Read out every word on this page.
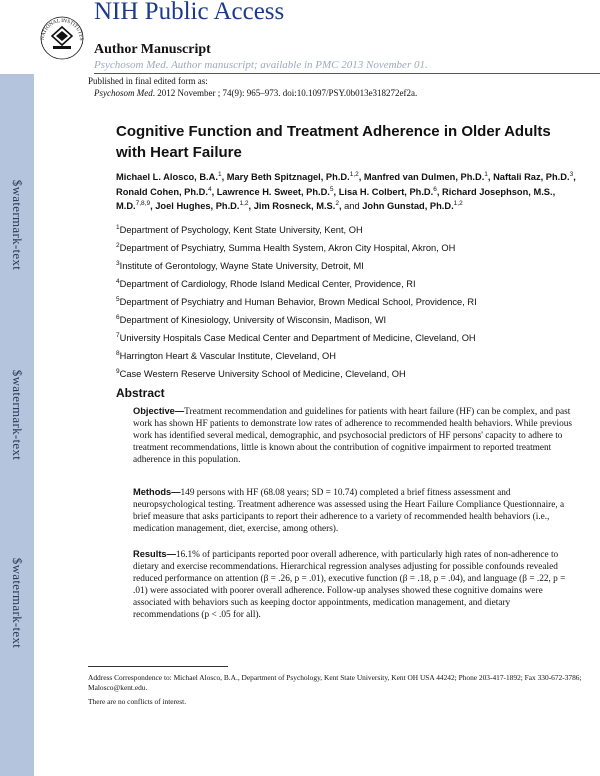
$watermark-text
$watermark-text
$watermark-text
NATIONAL INSTITUTES
NIH Public Access
Author Manuscript
Psychosom Med. Author manuscript; available in PMC 2013 November 01.
Published in final edited form as:
Psychosom Med. 2012 November ; 74(9): 965–973. doi:10.1097/PSY.0b013e318272ef2a.
Cognitive Function and Treatment Adherence in Older Adults with Heart Failure
Michael L. Alosco, B.A.$^1$, Mary Beth Spitznagel, Ph.D.$^{1,2}$, Manfred van Dulmen, Ph.D.$^1$, Naftali Raz, Ph.D.$^3$, Ronald Cohen, Ph.D.$^4$, Lawrence H. Sweet, Ph.D.$^5$, Lisa H. Colbert, Ph.D.$^6$, Richard Josephson, M.S., M.D.$^{7,8,9}$, Joel Hughes, Ph.D.$^{1,2}$, Jim Rosneck, M.S.$^2$, and John Gunstad, Ph.D.$^{1,2}$
$^1$Department of Psychology, Kent State University, Kent, OH
$^2$Department of Psychiatry, Summa Health System, Akron City Hospital, Akron, OH
$^3$Institute of Gerontology, Wayne State University, Detroit, MI
$^4$Department of Cardiology, Rhode Island Medical Center, Providence, RI
$^5$Department of Psychiatry and Human Behavior, Brown Medical School, Providence, RI
$^6$Department of Kinesiology, University of Wisconsin, Madison, WI
$^7$University Hospitals Case Medical Center and Department of Medicine, Cleveland, OH
$^8$Harrington Heart & Vascular Institute, Cleveland, OH
$^9$Case Western Reserve University School of Medicine, Cleveland, OH
Abstract
Objective—Treatment recommendation and guidelines for patients with heart failure (HF) can be complex, and past work has shown HF patients to demonstrate low rates of adherence to recommended health behaviors. While previous work has identified several medical, demographic, and psychosocial predictors of HF persons' capacity to adhere to treatment recommendations, little is known about the contribution of cognitive impairment to reported treatment adherence in this population.
Methods—149 persons with HF (68.08 years; SD = 10.74) completed a brief fitness assessment and neuropsychological testing. Treatment adherence was assessed using the Heart Failure Compliance Questionnaire, a brief measure that asks participants to report their adherence to a variety of recommended health behaviors (i.e., medication management, diet, exercise, among others).
Results—16.1% of participants reported poor overall adherence, with particularly high rates of non-adherence to dietary and exercise recommendations. Hierarchical regression analyses adjusting for possible confounds revealed reduced performance on attention (β = .26, p = .01), executive function (β = .18, p = .04), and language (β = .22, p = .01) were associated with poorer overall adherence. Follow-up analyses showed these cognitive domains were associated with behaviors such as keeping doctor appointments, medication management, and dietary recommendations (p < .05 for all).
Address Correspondence to: Michael Alosco, B.A., Department of Psychology, Kent State University, Kent OH USA 44242; Phone 203-417-1892; Fax 330-672-3786; Malosco@kent.edu.
There are no conflicts of interest.
